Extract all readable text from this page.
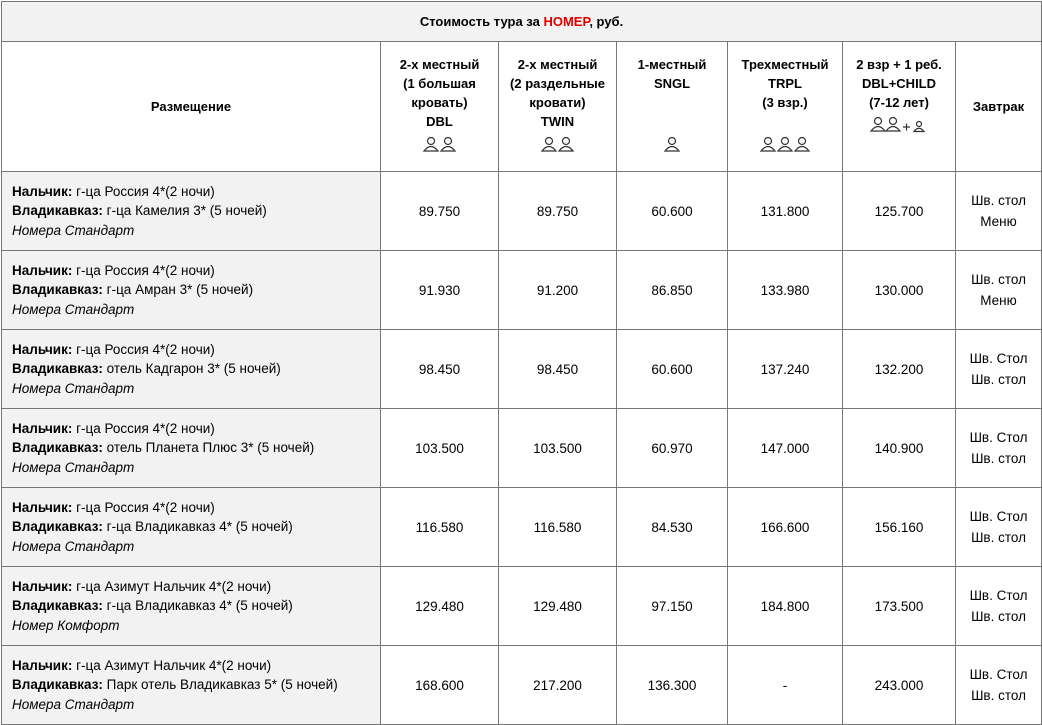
Стоимость тура за НОМЕР, руб.						
Размещение	2-х местный
(1 большая
кровать)
DBL	2-х местный
(2 раздельные
кровати)
TWIN	1-местный
SNGL	Трехместный
TRPL
(3 взр.)	2 взр + 1 реб.
DBL+CHILD
(7-12 лет)	Завтрак
Нальчик: г-ца Россия 4*(2 ночи)
Владикавказ: г-ца Камелия 3* (5 ночей)
Номера Стандарт	89.750	89.750	60.600	131.800	125.700	Шв. стол
Меню
Нальчик: г-ца Россия 4*(2 ночи)
Владикавказ: г-ца Амран 3* (5 ночей)
Номера Стандарт	91.930	91.200	86.850	133.980	130.000	Шв. стол
Меню
Нальчик: г-ца Россия 4*(2 ночи)
Владикавказ: отель Кадгарон 3* (5 ночей)
Номера Стандарт	98.450	98.450	60.600	137.240	132.200	Шв. Стол
Шв. стол
Нальчик: г-ца Россия 4*(2 ночи)
Владикавказ: отель Планета Плюс 3* (5 ночей)
Номера Стандарт	103.500	103.500	60.970	147.000	140.900	Шв. Стол
Шв. стол
Нальчик: г-ца Россия 4*(2 ночи)
Владикавказ: г-ца Владикавказ 4* (5 ночей)
Номера Стандарт	116.580	116.580	84.530	166.600	156.160	Шв. Стол
Шв. стол
Нальчик: г-ца Азимут Нальчик 4*(2 ночи)
Владикавказ: г-ца Владикавказ 4* (5 ночей)
Номер Комфорт	129.480	129.480	97.150	184.800	173.500	Шв. Стол
Шв. стол
Нальчик: г-ца Азимут Нальчик 4*(2 ночи)
Владикавказ: Парк отель Владикавказ 5* (5 ночей)
Номера Стандарт	168.600	217.200	136.300	-	243.000	Шв. Стол
Шв. стол
